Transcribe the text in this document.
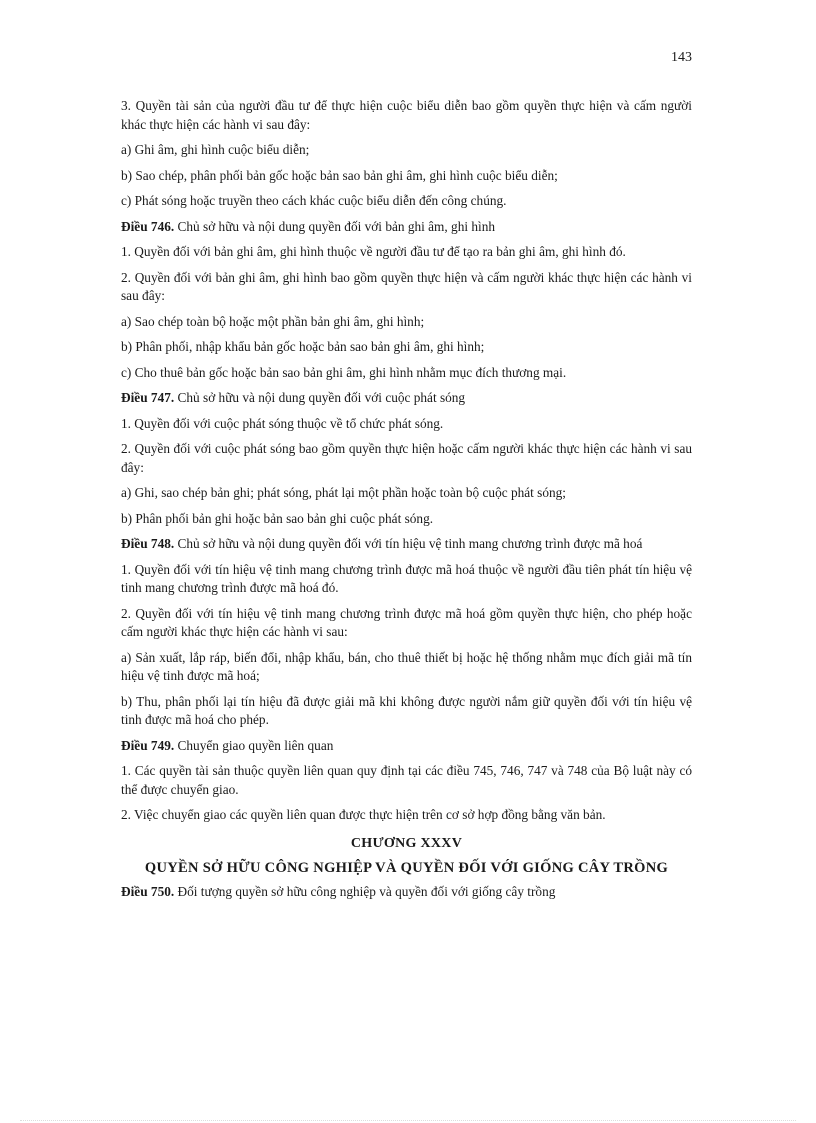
143

3. Quyền tài sản của người đầu tư để thực hiện cuộc biểu diễn bao gồm quyền thực hiện và cấm người khác thực hiện các hành vi sau đây:

a) Ghi âm, ghi hình cuộc biểu diễn;

b) Sao chép, phân phối bản gốc hoặc bản sao bản ghi âm, ghi hình cuộc biểu diễn;

c) Phát sóng hoặc truyền theo cách khác cuộc biểu diễn đến công chúng.

Điều 746. Chủ sở hữu và nội dung quyền đối với bản ghi âm, ghi hình

1. Quyền đối với bản ghi âm, ghi hình thuộc về người đầu tư để tạo ra bản ghi âm, ghi hình đó.

2. Quyền đối với bản ghi âm, ghi hình bao gồm quyền thực hiện và cấm người khác thực hiện các hành vi sau đây:

a) Sao chép toàn bộ hoặc một phần bản ghi âm, ghi hình;

b) Phân phối, nhập khẩu bản gốc hoặc bản sao bản ghi âm, ghi hình;

c) Cho thuê bản gốc hoặc bản sao bản ghi âm, ghi hình nhằm mục đích thương mại.

Điều 747. Chủ sở hữu và nội dung quyền đối với cuộc phát sóng

1. Quyền đối với cuộc phát sóng thuộc về tổ chức phát sóng.

2. Quyền đối với cuộc phát sóng bao gồm quyền thực hiện hoặc cấm người khác thực hiện các hành vi sau đây:

a) Ghi, sao chép bản ghi; phát sóng, phát lại một phần hoặc toàn bộ cuộc phát sóng;

b) Phân phối bản ghi hoặc bản sao bản ghi cuộc phát sóng.

Điều 748. Chủ sở hữu và nội dung quyền đối với tín hiệu vệ tinh mang chương trình được mã hoá

1. Quyền đối với tín hiệu vệ tinh mang chương trình được mã hoá thuộc về người đầu tiên phát tín hiệu vệ tinh mang chương trình được mã hoá đó.

2. Quyền đối với tín hiệu vệ tinh mang chương trình được mã hoá gồm quyền thực hiện, cho phép hoặc cấm người khác thực hiện các hành vi sau:

a) Sản xuất, lắp ráp, biến đổi, nhập khẩu, bán, cho thuê thiết bị hoặc hệ thống nhằm mục đích giải mã tín hiệu vệ tinh được mã hoá;

b) Thu, phân phối lại tín hiệu đã được giải mã khi không được người nắm giữ quyền đối với tín hiệu vệ tinh được mã hoá cho phép.

Điều 749. Chuyển giao quyền liên quan

1. Các quyền tài sản thuộc quyền liên quan quy định tại các điều 745, 746, 747 và 748 của Bộ luật này có thể được chuyển giao.

2. Việc chuyển giao các quyền liên quan được thực hiện trên cơ sở hợp đồng bằng văn bản.

CHƯƠNG XXXV
QUYỀN SỞ HỮU CÔNG NGHIỆP VÀ QUYỀN ĐỐI VỚI GIỐNG CÂY TRỒNG

Điều 750. Đối tượng quyền sở hữu công nghiệp và quyền đối với giống cây trồng
